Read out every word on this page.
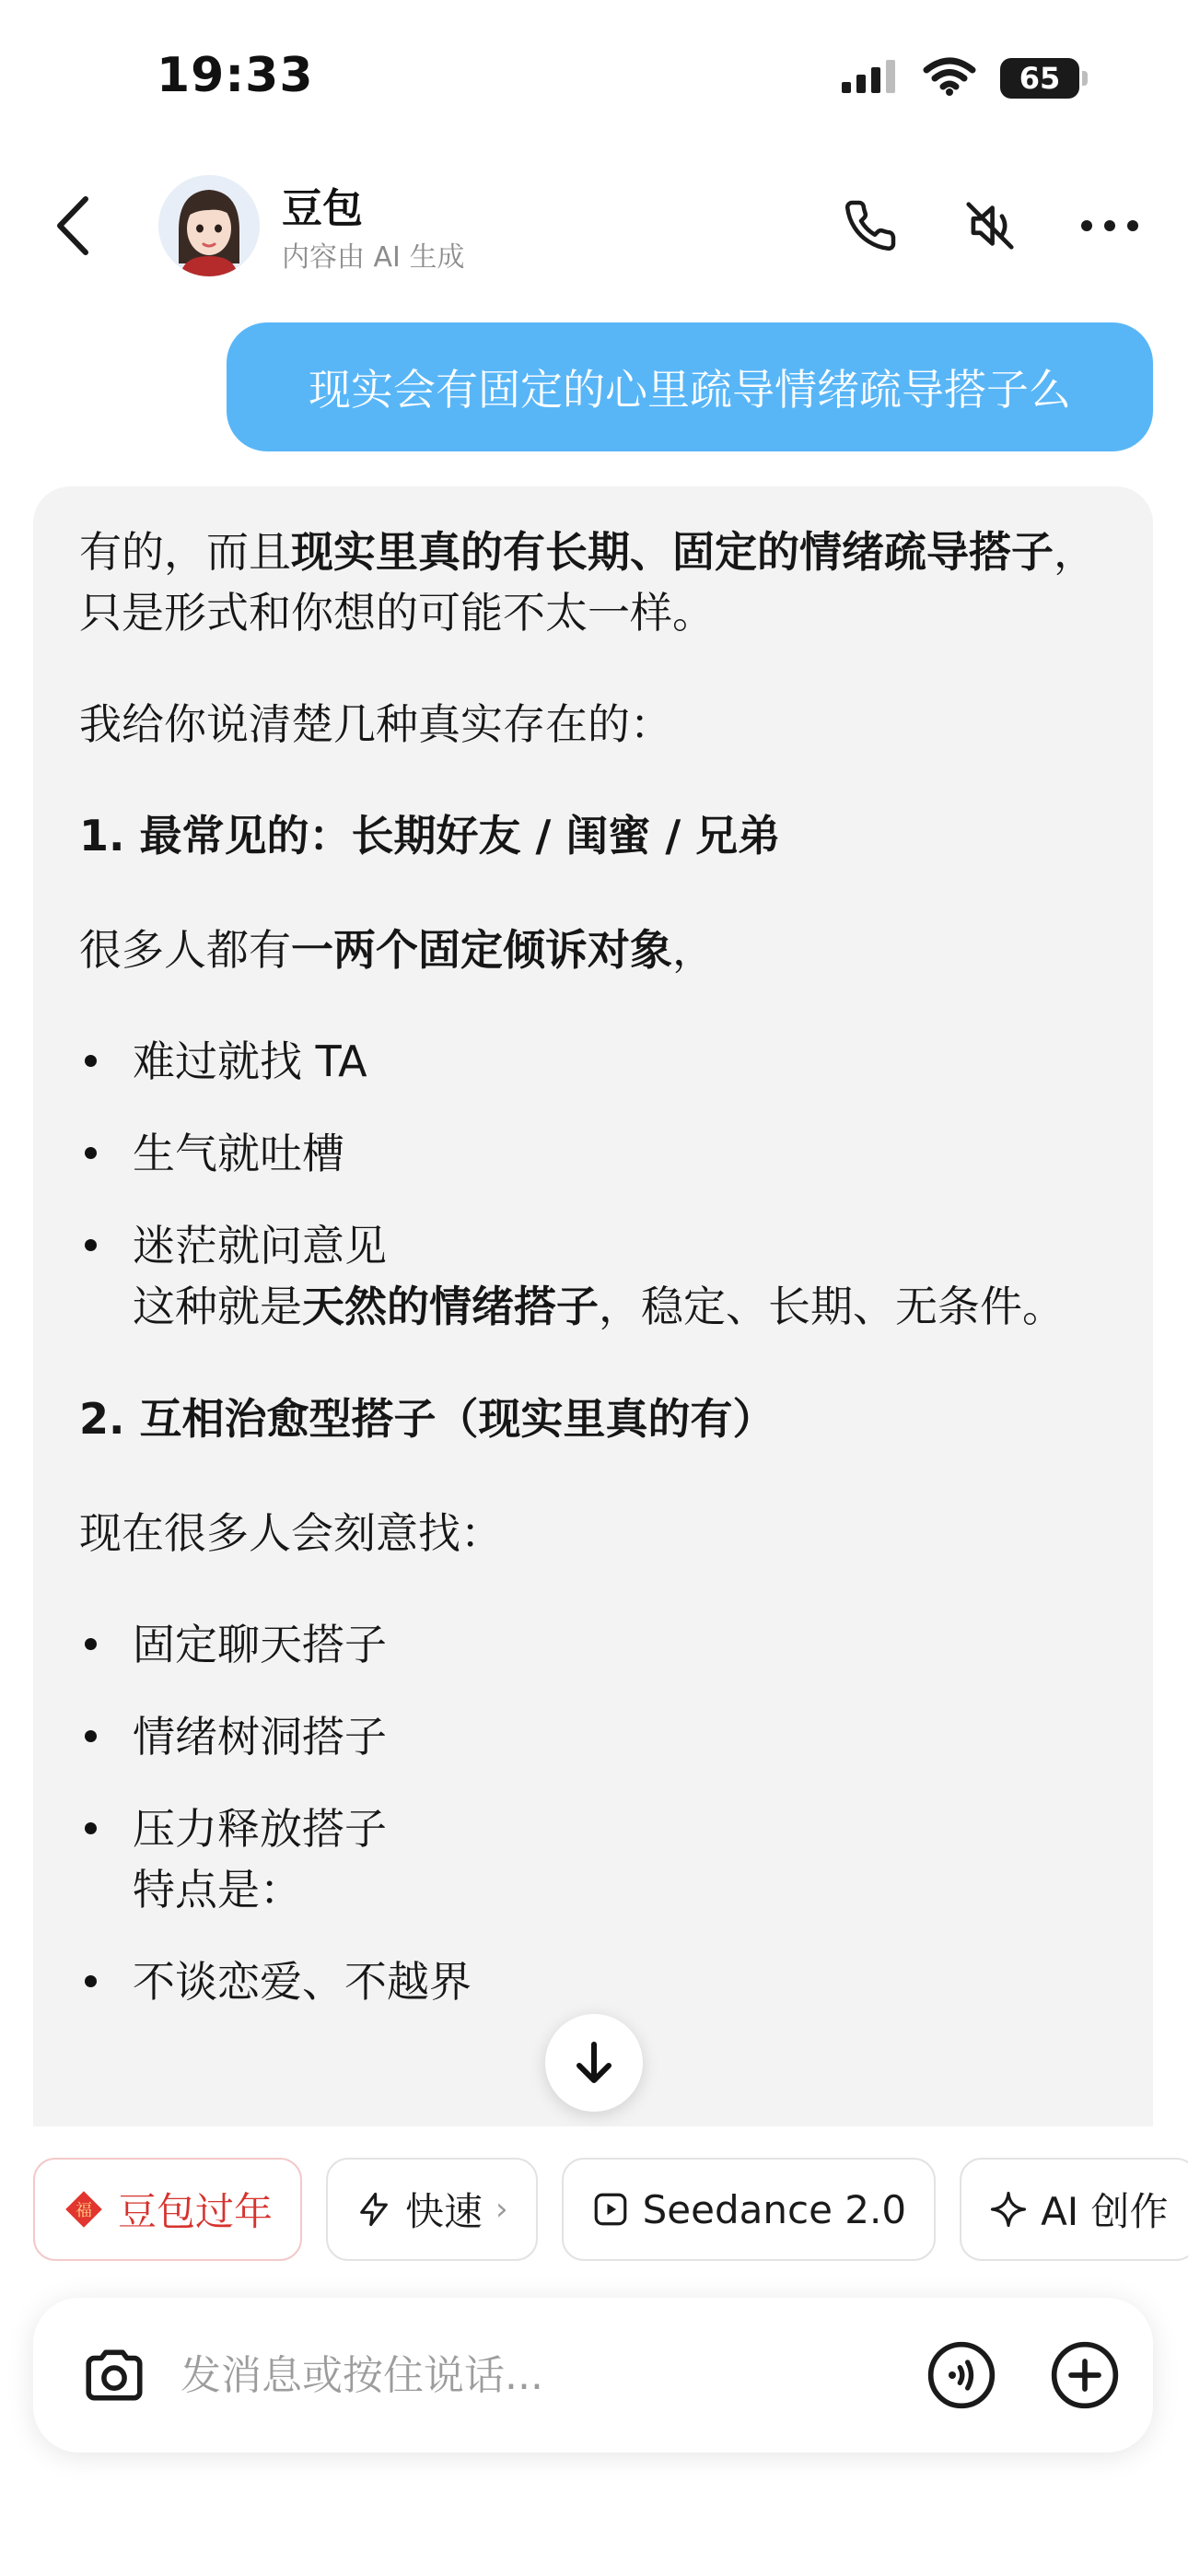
19:33	65
豆包
内容由 AI 生成
现实会有固定的心里疏导情绪疏导搭子么

有的，而且现实里真的有长期、固定的情绪疏导搭子，只是形式和你想的可能不太一样。

我给你说清楚几种真实存在的：

1. 最常见的：长期好友 / 闺蜜 / 兄弟

很多人都有一两个固定倾诉对象，

难过就找 TA
生气就吐槽
迷茫就问意见
这种就是天然的情绪搭子，稳定、长期、无条件。
2. 互相治愈型搭子（现实里真的有）

现在很多人会刻意找：

固定聊天搭子
情绪树洞搭子
压力释放搭子
特点是：
不谈恋爱、不越界
福 豆包过年	快速 ›	Seedance 2.0	AI 创作
发消息或按住说话...
